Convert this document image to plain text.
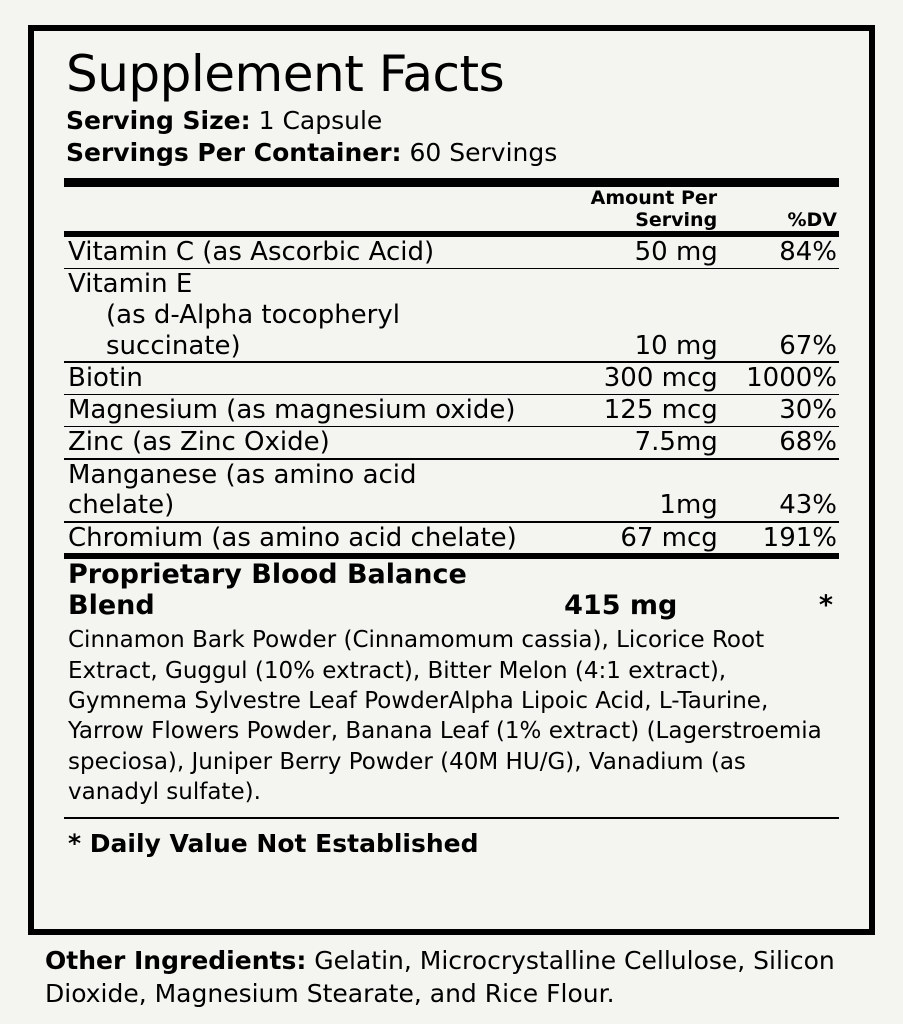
Supplement Facts
Serving Size: 1 Capsule
Servings Per Container: 60 Servings
	Amount Per Serving	%DV
Vitamin C (as Ascorbic Acid)	50 mg	84%
Vitamin E
(as d-Alpha tocopheryl succinate)	10 mg	67%
Biotin	300 mcg	1000%
Magnesium (as magnesium oxide)	125 mcg	30%
Zinc (as Zinc Oxide)	7.5mg	68%
Manganese (as amino acid chelate)	1mg	43%
Chromium (as amino acid chelate)	67 mcg	191%
Proprietary Blood Balance Blend	415 mg	*
Cinnamon Bark Powder (Cinnamomum cassia), Licorice Root Extract, Guggul (10% extract), Bitter Melon (4:1 extract), Gymnema Sylvestre Leaf PowderAlpha Lipoic Acid, L-Taurine, Yarrow Flowers Powder, Banana Leaf (1% extract) (Lagerstroemia speciosa), Juniper Berry Powder (40M HU/G), Vanadium (as vanadyl sulfate).
* Daily Value Not Established
Other Ingredients: Gelatin, Microcrystalline Cellulose, Silicon Dioxide, Magnesium Stearate, and Rice Flour.
